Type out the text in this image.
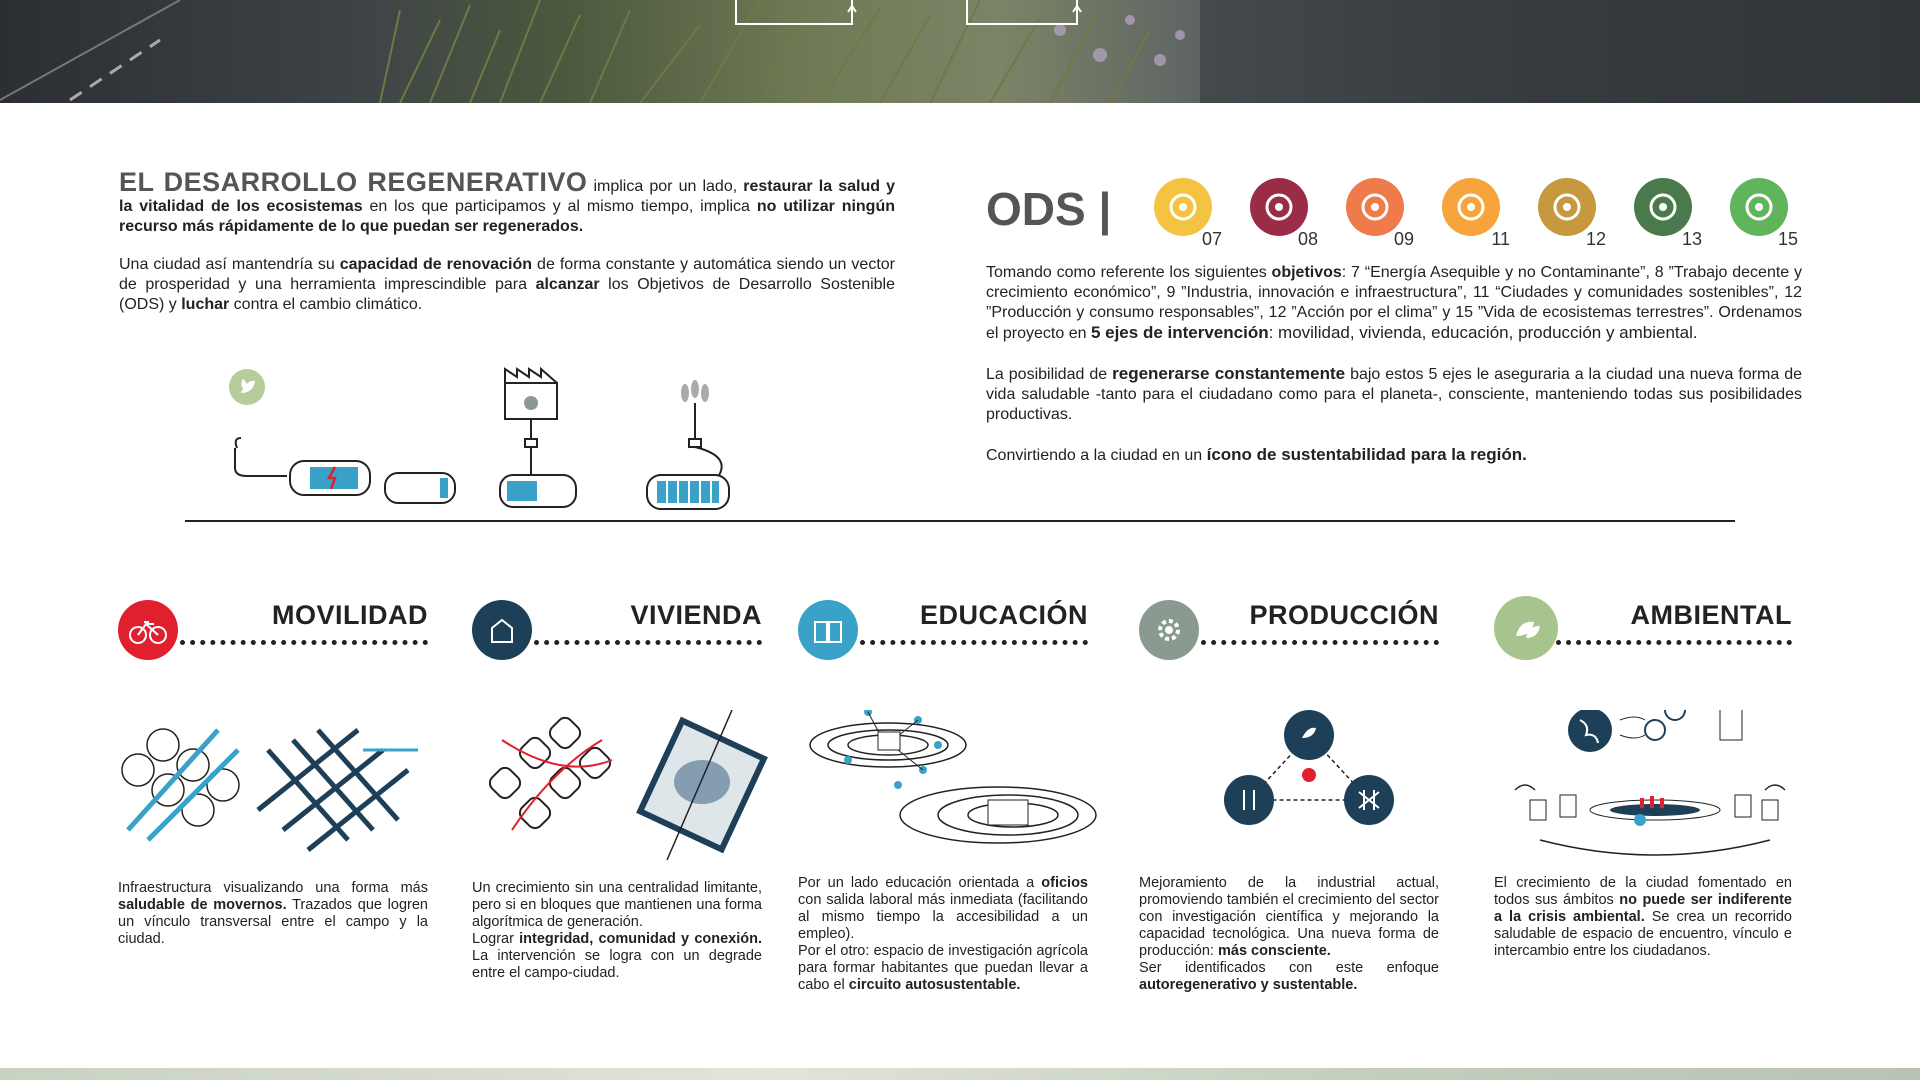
EL DESARROLLO REGENERATIVO implica por un lado, restaurar la salud y la vitalidad de los ecosistemas en los que participamos y al mismo tiempo, implica no utilizar ningún recurso más rápidamente de lo que puedan ser regenerados.

Una ciudad así mantendría su capacidad de renovación de forma constante y automática siendo un vector de prosperidad y una herramienta imprescindible para alcanzar los Objetivos de Desarrollo Sostenible (ODS) y luchar contra el cambio climático.

ODS |
07	08	09	11	12	13	15

Tomando como referente los siguientes objetivos: 7 “Energía Asequible y no Contaminante”, 8 ”Trabajo decente y crecimiento económico”, 9 ”Industria, innovación e infraestructura”, 11 “Ciudades y comunidades sostenibles”, 12 ”Producción y consumo responsables”, 12 ”Acción por el clima” y 15 ”Vida de ecosistemas terrestres”. Ordenamos el proyecto en 5 ejes de intervención: movilidad, vivienda, educación, producción y ambiental.

La posibilidad de regenerarse constantemente bajo estos 5 ejes le aseguraria a la ciudad una nueva forma de vida saludable -tanto para el ciudadano como para el planeta-, consciente, manteniendo todas sus posibilidades productivas.

Convirtiendo a la ciudad en un ícono de sustentabilidad para la región.

MOVILIDAD
Infraestructura visualizando una forma más saludable de movernos. Trazados que logren un vínculo transversal entre el campo y la ciudad.
VIVIENDA
Un crecimiento sin una centralidad limitante, pero si en bloques que mantienen una forma algorítmica de generación.
Lograr integridad, comunidad y conexión. La intervención se logra con un degrade entre el campo-ciudad.
EDUCACIÓN
Por un lado educación orientada a oficios con salida laboral más inmediata (facilitando al mismo tiempo la accesibilidad a un empleo).
Por el otro: espacio de investigación agrícola para formar habitantes que puedan llevar a cabo el circuito autosustentable.
PRODUCCIÓN
Mejoramiento de la industrial actual, promoviendo también el crecimiento del sector con investigación científica y mejorando la capacidad tecnológica. Una nueva forma de producción: más consciente.
Ser identificados con este enfoque autoregenerativo y sustentable.
AMBIENTAL
El crecimiento de la ciudad fomentado en todos sus ámbitos no puede ser indiferente a la crisis ambiental. Se crea un recorrido saludable de espacio de encuentro, vínculo e intercambio entre los ciudadanos.
